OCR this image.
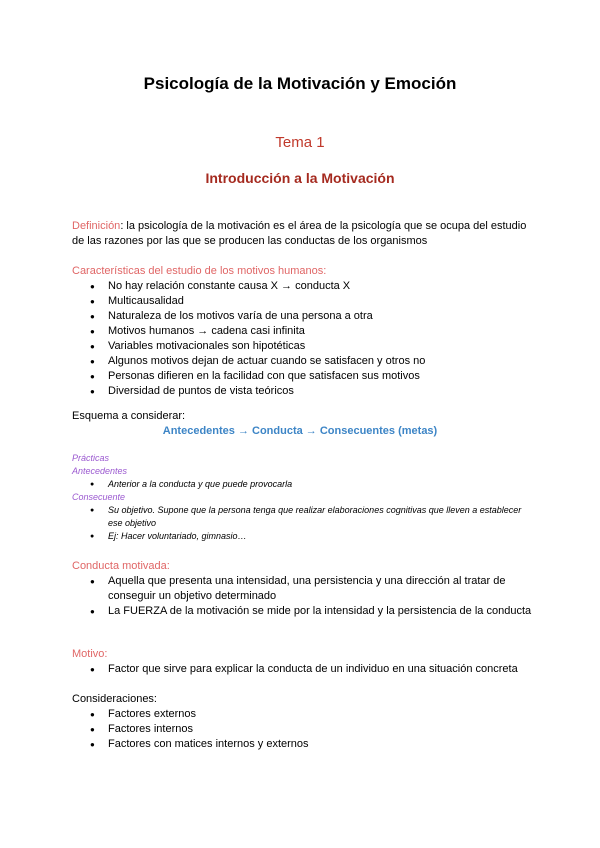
Psicología de la Motivación y Emoción
Tema 1
Introducción a la Motivación
Definición: la psicología de la motivación es el área de la psicología que se ocupa del estudio de las razones por las que se producen las conductas de los organismos
Características del estudio de los motivos humanos:
● No hay relación constante causa X → conducta X
● Multicausalidad
● Naturaleza de los motivos varía de una persona a otra
● Motivos humanos → cadena casi infinita
● Variables motivacionales son hipotéticas
● Algunos motivos dejan de actuar cuando se satisfacen y otros no
● Personas difieren en la facilidad con que satisfacen sus motivos
● Diversidad de puntos de vista teóricos
Esquema a considerar:
Antecedentes → Conducta → Consecuentes (metas)
Prácticas
Antecedentes
● Anterior a la conducta y que puede provocarla
Consecuente
● Su objetivo. Supone que la persona tenga que realizar elaboraciones cognitivas que lleven a establecer ese objetivo
● Ej: Hacer voluntariado, gimnasio…
Conducta motivada:
● Aquella que presenta una intensidad, una persistencia y una dirección al tratar de conseguir un objetivo determinado
● La FUERZA de la motivación se mide por la intensidad y la persistencia de la conducta
Motivo:
● Factor que sirve para explicar la conducta de un individuo en una situación concreta
Consideraciones:
● Factores externos
● Factores internos
● Factores con matices internos y externos
